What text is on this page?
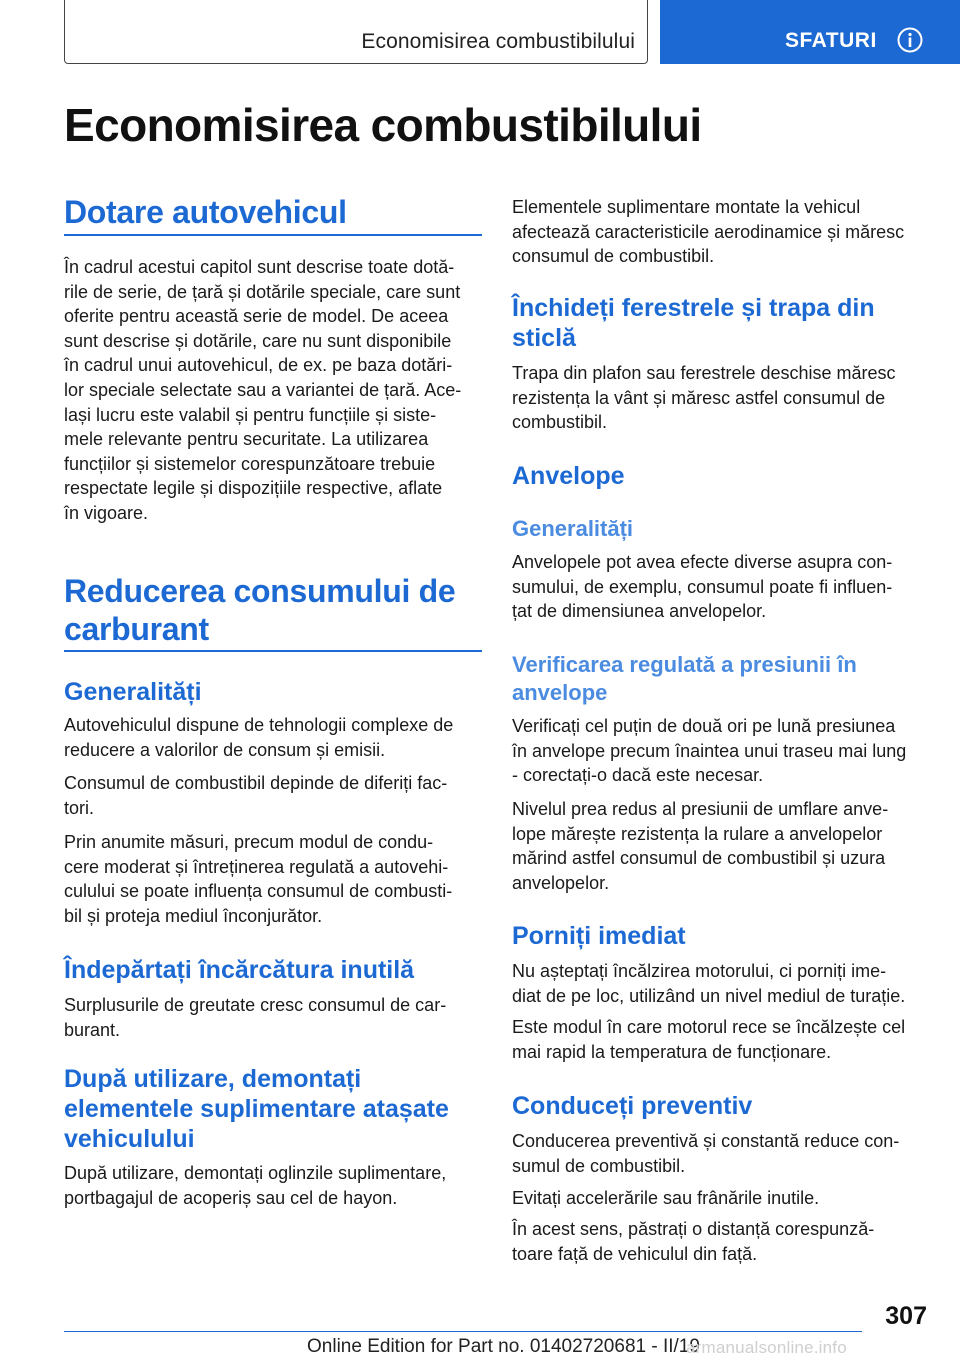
Economisirea combustibilului	SFATURI
Economisirea combustibilului
Dotare autovehicul

În cadrul acestui capitol sunt descrise toate dotă‐
rile de serie, de țară și dotările speciale, care sunt
oferite pentru această serie de model. De aceea
sunt descrise și dotările, care nu sunt disponibile
în cadrul unui autovehicul, de ex. pe baza dotări‐
lor speciale selectate sau a variantei de țară. Ace‐
lași lucru este valabil și pentru funcțiile și siste‐
mele relevante pentru securitate. La utilizarea
funcțiilor și sistemelor corespunzătoare trebuie
respectate legile și dispozițiile respective, aflate
în vigoare.

Reducerea consumului de
carburant
Generalități

Autovehiculul dispune de tehnologii complexe de
reducere a valorilor de consum și emisii.

Consumul de combustibil depinde de diferiți fac‐
tori.

Prin anumite măsuri, precum modul de condu‐
cere moderat și întreținerea regulată a autovehi‐
culului se poate influența consumul de combusti‐
bil și proteja mediul înconjurător.

Îndepărtați încărcătura inutilă

Surplusurile de greutate cresc consumul de car‐
burant.

După utilizare, demontați
elementele suplimentare atașate
vehiculului

După utilizare, demontați oglinzile suplimentare,
portbagajul de acoperiș sau cel de hayon.

Elementele suplimentare montate la vehicul
afectează caracteristicile aerodinamice și măresc
consumul de combustibil.

Închideți ferestrele și trapa din
sticlă

Trapa din plafon sau ferestrele deschise măresc
rezistența la vânt și măresc astfel consumul de
combustibil.

Anvelope
Generalități

Anvelopele pot avea efecte diverse asupra con‐
sumului, de exemplu, consumul poate fi influen‐
țat de dimensiunea anvelopelor.

Verificarea regulată a presiunii în
anvelope

Verificați cel puțin de două ori pe lună presiunea
în anvelope precum înaintea unui traseu mai lung
- corectați-o dacă este necesar.

Nivelul prea redus al presiunii de umflare anve‐
lope mărește rezistența la rulare a anvelopelor
mărind astfel consumul de combustibil și uzura
anvelopelor.

Porniți imediat

Nu așteptați încălzirea motorului, ci porniți ime‐
diat de pe loc, utilizând un nivel mediul de turație.

Este modul în care motorul rece se încălzește cel
mai rapid la temperatura de funcționare.

Conduceți preventiv

Conducerea preventivă și constantă reduce con‐
sumul de combustibil.

Evitați accelerările sau frânările inutile.

În acest sens, păstrați o distanță corespunză‐
toare față de vehiculul din față.

307
Online Edition for Part no. 01402720681 - II/19
armanualsonline.info
